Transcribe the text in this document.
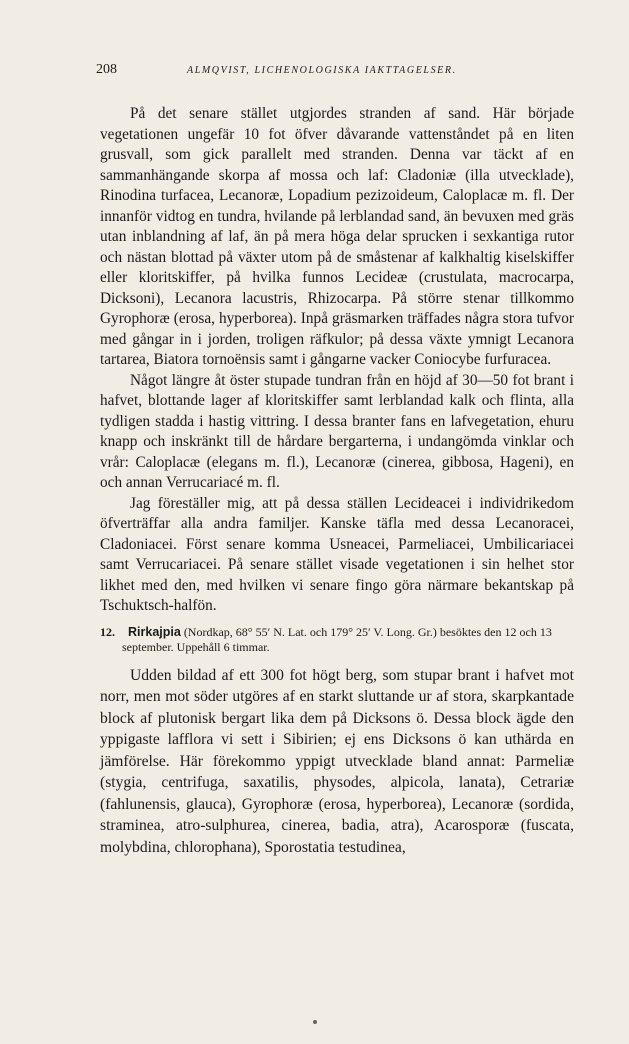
208	ALMQVIST, LICHENOLOGISKA IAKTTAGELSER.

På det senare stället utgjordes stranden af sand. Här började vegetationen ungefär 10 fot öfver dåvarande vattenståndet på en liten grusvall, som gick parallelt med stranden. Denna var täckt af en sammanhängande skorpa af mossa och laf: Cladoniæ (illa utvecklade), Rinodina turfacea, Lecanoræ, Lopadium pezizoideum, Caloplacæ m. fl. Der innanför vidtog en tundra, hvilande på lerblandad sand, än bevuxen med gräs utan inblandning af laf, än på mera höga delar sprucken i sexkantiga rutor och nästan blottad på växter utom på de småstenar af kalkhaltig kiselskiffer eller kloritskiffer, på hvilka funnos Lecideæ (crustulata, macrocarpa, Dicksoni), Lecanora lacustris, Rhizocarpa. På större stenar tillkommo Gyrophoræ (erosa, hyperborea). Inpå gräsmarken träffades några stora tufvor med gångar in i jorden, troligen räfkulor; på dessa växte ymnigt Lecanora tartarea, Biatora tornoënsis samt i gångarne vacker Coniocybe furfuracea.

Något längre åt öster stupade tundran från en höjd af 30—50 fot brant i hafvet, blottande lager af kloritskiffer samt lerblandad kalk och flinta, alla tydligen stadda i hastig vittring. I dessa branter fans en lafvegetation, ehuru knapp och inskränkt till de hårdare bergarterna, i undangömda vinklar och vrår: Caloplacæ (elegans m. fl.), Lecanoræ (cinerea, gibbosa, Hageni), en och annan Verrucariacé m. fl.

Jag föreställer mig, att på dessa ställen Lecideacei i individrikedom öfverträffar alla andra familjer. Kanske täfla med dessa Lecanoracei, Cladoniacei. Först senare komma Usneacei, Parmeliacei, Umbilicariacei samt Verrucariacei. På senare stället visade vegetationen i sin helhet stor likhet med den, med hvilken vi senare fingo göra närmare bekantskap på Tschuktsch-halfön.

12. Rirkajpia (Nordkap, 68° 55′ N. Lat. och 179° 25′ V. Long. Gr.) besöktes den 12 och 13 september. Uppehåll 6 timmar.

Udden bildad af ett 300 fot högt berg, som stupar brant i hafvet mot norr, men mot söder utgöres af en starkt sluttande ur af stora, skarpkantade block af plutonisk bergart lika dem på Dicksons ö. Dessa block ägde den yppigaste lafflora vi sett i Sibirien; ej ens Dicksons ö kan uthärda en jämförelse. Här förekommo yppigt utvecklade bland annat: Parmeliæ (stygia, centrifuga, saxatilis, physodes, alpicola, lanata), Cetrariæ (fahlunensis, glauca), Gyrophoræ (erosa, hyperborea), Lecanoræ (sordida, straminea, atro-sulphurea, cinerea, badia, atra), Acarosporæ (fuscata, molybdina, chlorophana), Sporostatia testudinea,
